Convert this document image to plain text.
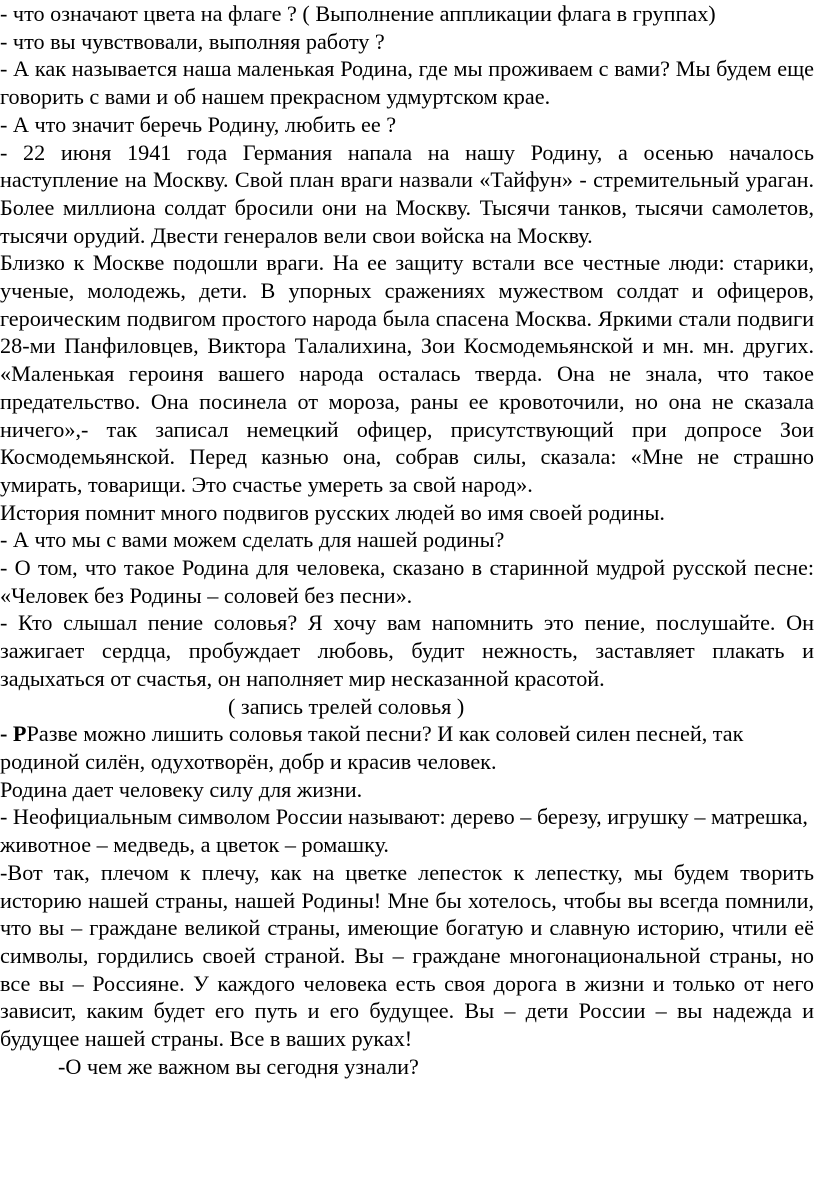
- что означают цвета на флаге ? ( Выполнение аппликации флага в группах)

- что вы чувствовали, выполняя работу ?

- А как называется наша маленькая Родина, где мы проживаем с вами? Мы будем еще говорить с вами и об нашем прекрасном удмуртском крае.

- А что значит беречь Родину, любить ее ?

- 22 июня 1941 года Германия напала на нашу Родину, а осенью началось наступление на Москву. Свой план враги назвали «Тайфун» - стремительный ураган. Более миллиона солдат бросили они на Москву. Тысячи танков, тысячи самолетов, тысячи орудий. Двести генералов вели свои войска на Москву.

Близко к Москве подошли враги. На ее защиту встали все честные люди: старики, ученые, молодежь, дети. В упорных сражениях мужеством солдат и офицеров, героическим подвигом простого народа была спасена Москва. Яркими стали подвиги 28-ми Панфиловцев, Виктора Талалихина, Зои Космодемьянской и мн. мн. других. «Маленькая героиня вашего народа осталась тверда. Она не знала, что такое предательство. Она посинела от мороза, раны ее кровоточили, но она не сказала ничего»,- так записал немецкий офицер, присутствующий при допросе Зои Космодемьянской. Перед казнью она, собрав силы, сказала: «Мне не страшно умирать, товарищи. Это счастье умереть за свой народ».

История помнит много подвигов русских людей во имя своей родины.

- А что мы с вами можем сделать для нашей родины?

- О том, что такое Родина для человека, сказано в старинной мудрой русской песне: «Человек без Родины – соловей без песни».

- Кто слышал пение соловья? Я хочу вам напомнить это пение, послушайте. Он зажигает сердца, пробуждает любовь, будит нежность, заставляет плакать и задыхаться от счастья, он наполняет мир несказанной красотой.

( запись трелей соловья )

- РРазве можно лишить соловья такой песни? И как соловей силен песней, так родиной силён, одухотворён, добр и красив человек.

Родина дает человеку силу для жизни.

- Неофициальным символом России называют: дерево – березу, игрушку – матрешка, животное – медведь, а цветок – ромашку.

-Вот так, плечом к плечу, как на цветке лепесток к лепестку, мы будем творить историю нашей страны, нашей Родины! Мне бы хотелось, чтобы вы всегда помнили, что вы – граждане великой страны, имеющие богатую и славную историю, чтили её символы, гордились своей страной. Вы – граждане многонациональной страны, но все вы – Россияне. У каждого человека есть своя дорога в жизни и только от него зависит, каким будет его путь и его будущее. Вы – дети России – вы надежда и будущее нашей страны. Все в ваших руках!

-О чем же важном вы сегодня узнали?
